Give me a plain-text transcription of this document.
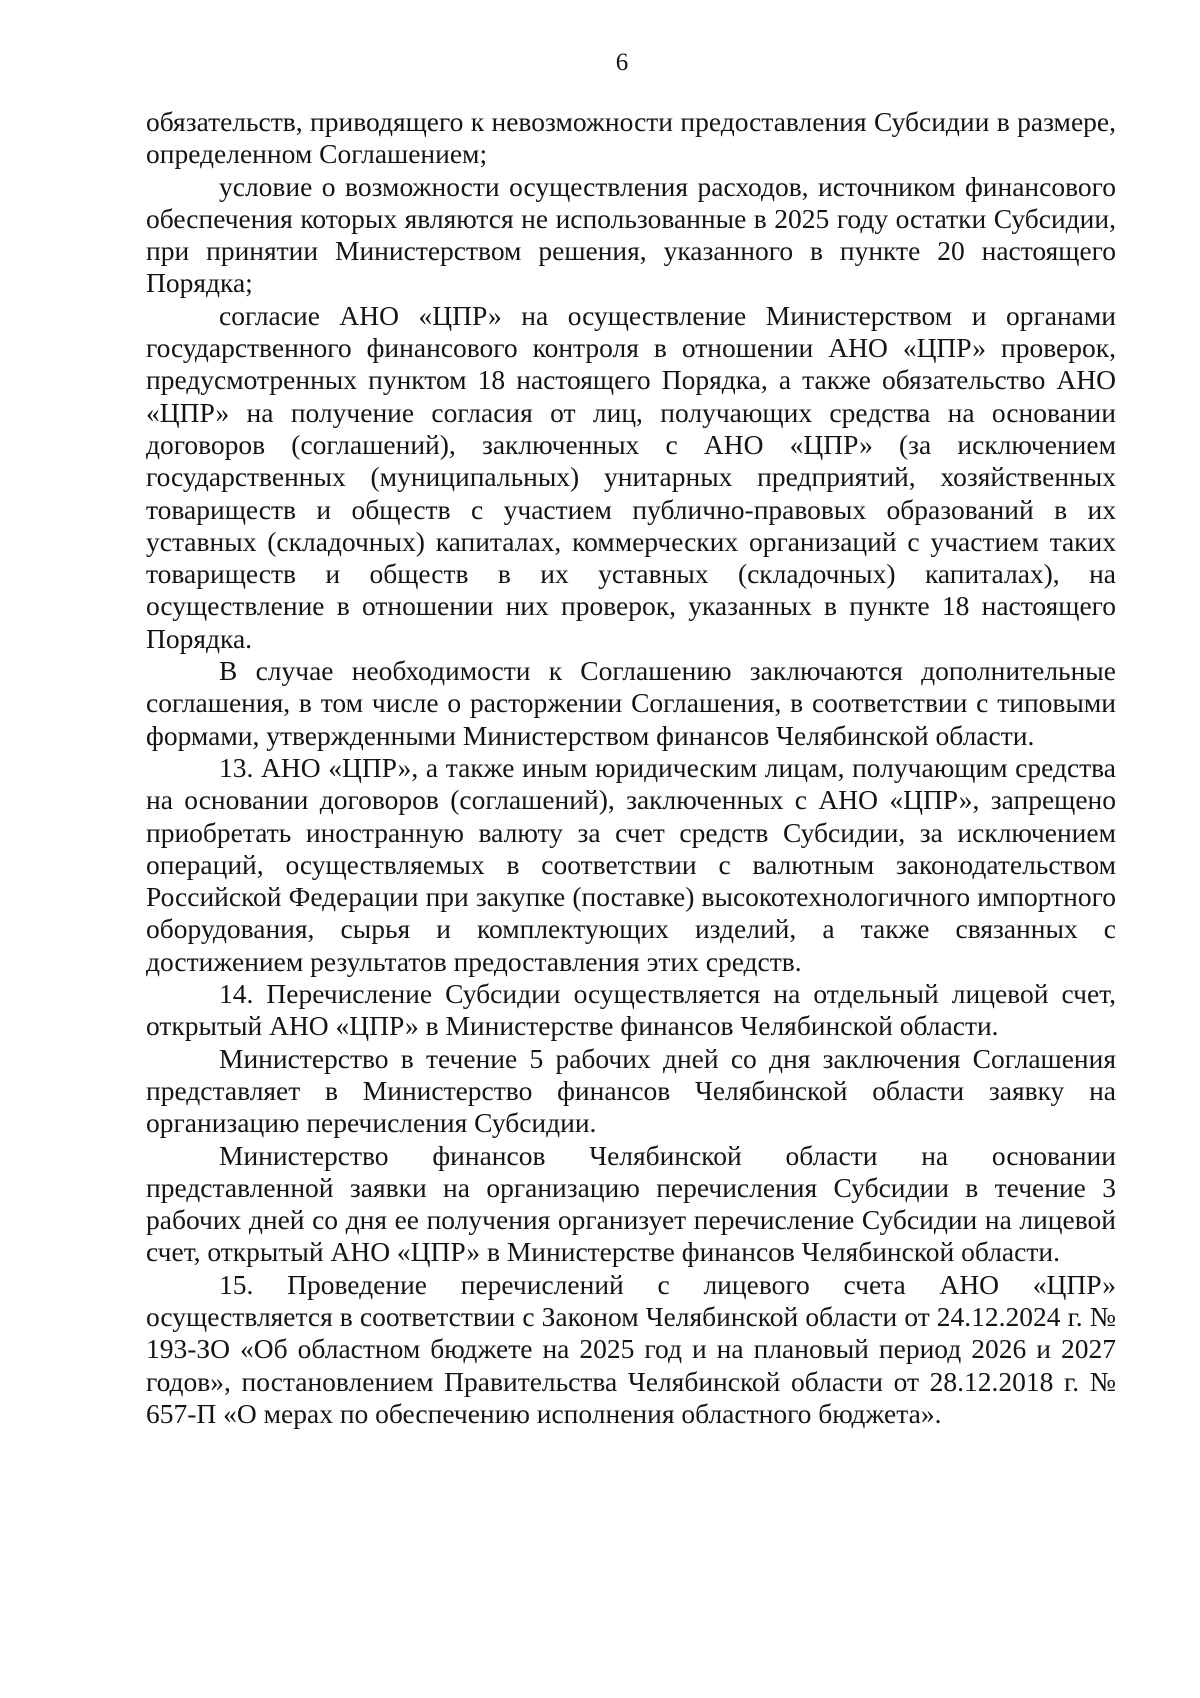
6

обязательств, приводящего к невозможности предоставления Субсидии в размере, определенном Соглашением;

условие о возможности осуществления расходов, источником финансового обеспечения которых являются не использованные в 2025 году остатки Субсидии, при принятии Министерством решения, указанного в пункте 20 настоящего Порядка;

согласие АНО «ЦПР» на осуществление Министерством и органами государственного финансового контроля в отношении АНО «ЦПР» проверок, предусмотренных пунктом 18 настоящего Порядка, а также обязательство АНО «ЦПР» на получение согласия от лиц, получающих средства на основании договоров (соглашений), заключенных с АНО «ЦПР» (за исключением государственных (муниципальных) унитарных предприятий, хозяйственных товариществ и обществ с участием публично-правовых образований в их уставных (складочных) капиталах, коммерческих организаций с участием таких товариществ и обществ в их уставных (складочных) капиталах), на осуществление в отношении них проверок, указанных в пункте 18 настоящего Порядка.

В случае необходимости к Соглашению заключаются дополнительные соглашения, в том числе о расторжении Соглашения, в соответствии с типовыми формами, утвержденными Министерством финансов Челябинской области.

13. АНО «ЦПР», а также иным юридическим лицам, получающим средства на основании договоров (соглашений), заключенных с АНО «ЦПР», запрещено приобретать иностранную валюту за счет средств Субсидии, за исключением операций, осуществляемых в соответствии с валютным законодательством Российской Федерации при закупке (поставке) высокотехнологичного импортного оборудования, сырья и комплектующих изделий, а также связанных с достижением результатов предоставления этих средств.

14. Перечисление Субсидии осуществляется на отдельный лицевой счет, открытый АНО «ЦПР» в Министерстве финансов Челябинской области.

Министерство в течение 5 рабочих дней со дня заключения Соглашения представляет в Министерство финансов Челябинской области заявку на организацию перечисления Субсидии.

Министерство финансов Челябинской области на основании представленной заявки на организацию перечисления Субсидии в течение 3 рабочих дней со дня ее получения организует перечисление Субсидии на лицевой счет, открытый АНО «ЦПР» в Министерстве финансов Челябинской области.

15. Проведение перечислений с лицевого счета АНО «ЦПР» осуществляется в соответствии с Законом Челябинской области от 24.12.2024 г. № 193-ЗО «Об областном бюджете на 2025 год и на плановый период 2026 и 2027 годов», постановлением Правительства Челябинской области от 28.12.2018 г. № 657-П «О мерах по обеспечению исполнения областного бюджета».
